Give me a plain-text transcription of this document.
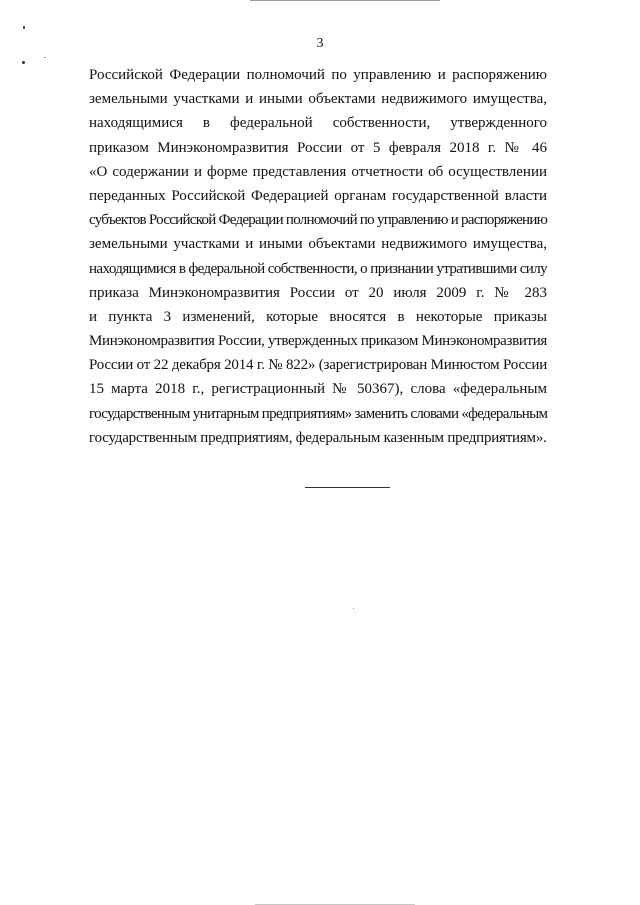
3
Российской Федерации полномочий по управлению и распоряжению
земельными участками и иными объектами недвижимого имущества,
находящимися в федеральной собственности, утвержденного
приказом Минэкономразвития России от 5 февраля 2018 г. № 46
«О содержании и форме представления отчетности об осуществлении
переданных Российской Федерацией органам государственной власти
субъектов Российской Федерации полномочий по управлению и распоряжению
земельными участками и иными объектами недвижимого имущества,
находящимися в федеральной собственности, о признании утратившими силу
приказа Минэкономразвития России от 20 июля 2009 г. № 283
и пункта 3 изменений, которые вносятся в некоторые приказы
Минэкономразвития России, утвержденных приказом Минэкономразвития
России от 22 декабря 2014 г. № 822» (зарегистрирован Минюстом России
15 марта 2018 г., регистрационный № 50367), слова «федеральным
государственным унитарным предприятиям» заменить словами «федеральным
государственным предприятиям, федеральным казенным предприятиям».
